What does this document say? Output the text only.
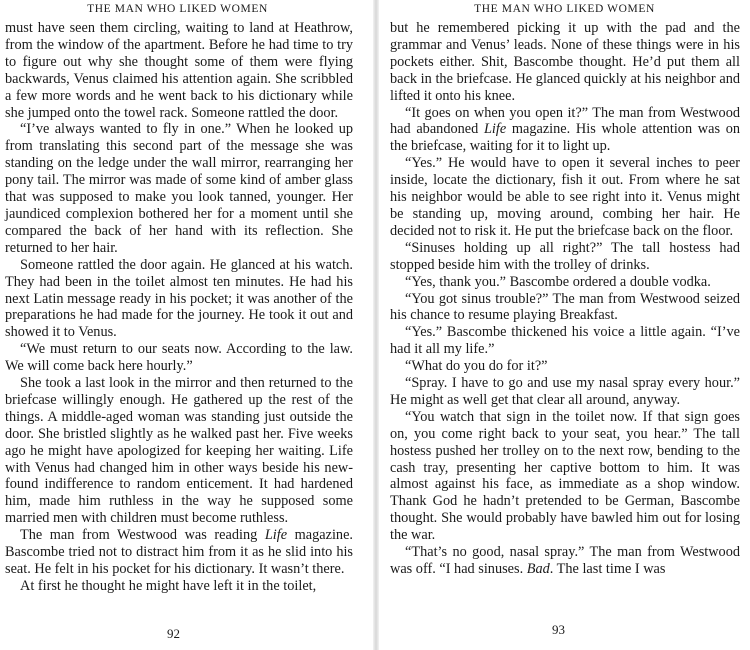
THE MAN WHO LIKED WOMEN

must have seen them circling, waiting to land at Heathrow, from the window of the apartment. Before he had time to try to figure out why she thought some of them were flying backwards, Venus claimed his attention again. She scribbled a few more words and he went back to his dictionary while she jumped onto the towel rack. Someone rattled the door.

“I’ve always wanted to fly in one.” When he looked up from translating this second part of the message she was standing on the ledge under the wall mirror, rearranging her pony tail. The mirror was made of some kind of amber glass that was supposed to make you look tanned, younger. Her jaundiced complexion bothered her for a moment until she compared the back of her hand with its reflection. She returned to her hair.

Someone rattled the door again. He glanced at his watch. They had been in the toilet almost ten minutes. He had his next Latin message ready in his pocket; it was another of the preparations he had made for the journey. He took it out and showed it to Venus.

“We must return to our seats now. According to the law. We will come back here hourly.”

She took a last look in the mirror and then returned to the briefcase willingly enough. He gathered up the rest of the things. A middle-aged woman was standing just outside the door. She bristled slightly as he walked past her. Five weeks ago he might have apologized for keeping her waiting. Life with Venus had changed him in other ways beside his new-found indifference to random enticement. It had hardened him, made him ruthless in the way he supposed some married men with children must become ruthless.

The man from Westwood was reading Life magazine. Bascombe tried not to distract him from it as he slid into his seat. He felt in his pocket for his dictionary. It wasn’t there.

At first he thought he might have left it in the toilet,

92
THE MAN WHO LIKED WOMEN

but he remembered picking it up with the pad and the grammar and Venus’ leads. None of these things were in his pockets either. Shit, Bascombe thought. He’d put them all back in the briefcase. He glanced quickly at his neighbor and lifted it onto his knee.

“It goes on when you open it?” The man from Westwood had abandoned Life magazine. His whole attention was on the briefcase, waiting for it to light up.

“Yes.” He would have to open it several inches to peer inside, locate the dictionary, fish it out. From where he sat his neighbor would be able to see right into it. Venus might be standing up, moving around, combing her hair. He decided not to risk it. He put the briefcase back on the floor.

“Sinuses holding up all right?” The tall hostess had stopped beside him with the trolley of drinks.

“Yes, thank you.” Bascombe ordered a double vodka.

“You got sinus trouble?” The man from Westwood seized his chance to resume playing Breakfast.

“Yes.” Bascombe thickened his voice a little again. “I’ve had it all my life.”

“What do you do for it?”

“Spray. I have to go and use my nasal spray every hour.” He might as well get that clear all around, anyway.

“You watch that sign in the toilet now. If that sign goes on, you come right back to your seat, you hear.” The tall hostess pushed her trolley on to the next row, bending to the cash tray, presenting her captive bottom to him. It was almost against his face, as immediate as a shop window. Thank God he hadn’t pretended to be German, Bascombe thought. She would probably have bawled him out for losing the war.

“That’s no good, nasal spray.” The man from Westwood was off. “I had sinuses. Bad. The last time I was

93
